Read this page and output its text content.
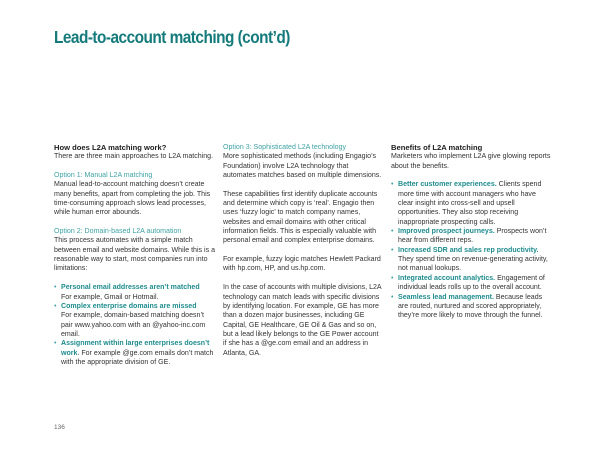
Lead-to-account matching (cont’d)

How does L2A matching work?

There are three main approaches to L2A matching.

Option 1: Manual L2A matching

Manual lead-to-account matching doesn’t create many benefits, apart from completing the job. This time-consuming approach slows lead processes, while human error abounds.

Option 2: Domain-based L2A automation

This process automates with a simple match between email and website domains. While this is a reasonable way to start, most companies run into limitations:

• Personal email addresses aren’t matched
For example, Gmail or Hotmail.
• Complex enterprise domains are missed
For example, domain-based matching doesn’t pair www.yahoo.com with an @yahoo-inc.com email.
• Assignment within large enterprises doesn’t work. For example @ge.com emails don’t match with the appropriate division of GE.

Option 3: Sophisticated L2A technology

More sophisticated methods (including Engagio’s Foundation) involve L2A technology that automates matches based on multiple dimensions.

These capabilities first identify duplicate accounts and determine which copy is ‘real’. Engagio then uses ‘fuzzy logic’ to match company names, websites and email domains with other critical information fields. This is especially valuable with personal email and complex enterprise domains.

For example, fuzzy logic matches Hewlett Packard with hp.com, HP, and us.hp.com.

In the case of accounts with multiple divisions, L2A technology can match leads with specific divisions by identifying location. For example, GE has more than a dozen major businesses, including GE Capital, GE Healthcare, GE Oil & Gas and so on, but a lead likely belongs to the GE Power account if she has a @ge.com email and an address in Atlanta, GA.

Benefits of L2A matching

Marketers who implement L2A give glowing reports about the benefits.

• Better customer experiences. Clients spend more time with account managers who have clear insight into cross-sell and upsell opportunities. They also stop receiving inappropriate prospecting calls.
• Improved prospect journeys. Prospects won’t hear from different reps.
• Increased SDR and sales rep productivity. They spend time on revenue-generating activity, not manual lookups.
• Integrated account analytics. Engagement of individual leads rolls up to the overall account.
• Seamless lead management. Because leads are routed, nurtured and scored appropriately, they’re more likely to move through the funnel.
136
